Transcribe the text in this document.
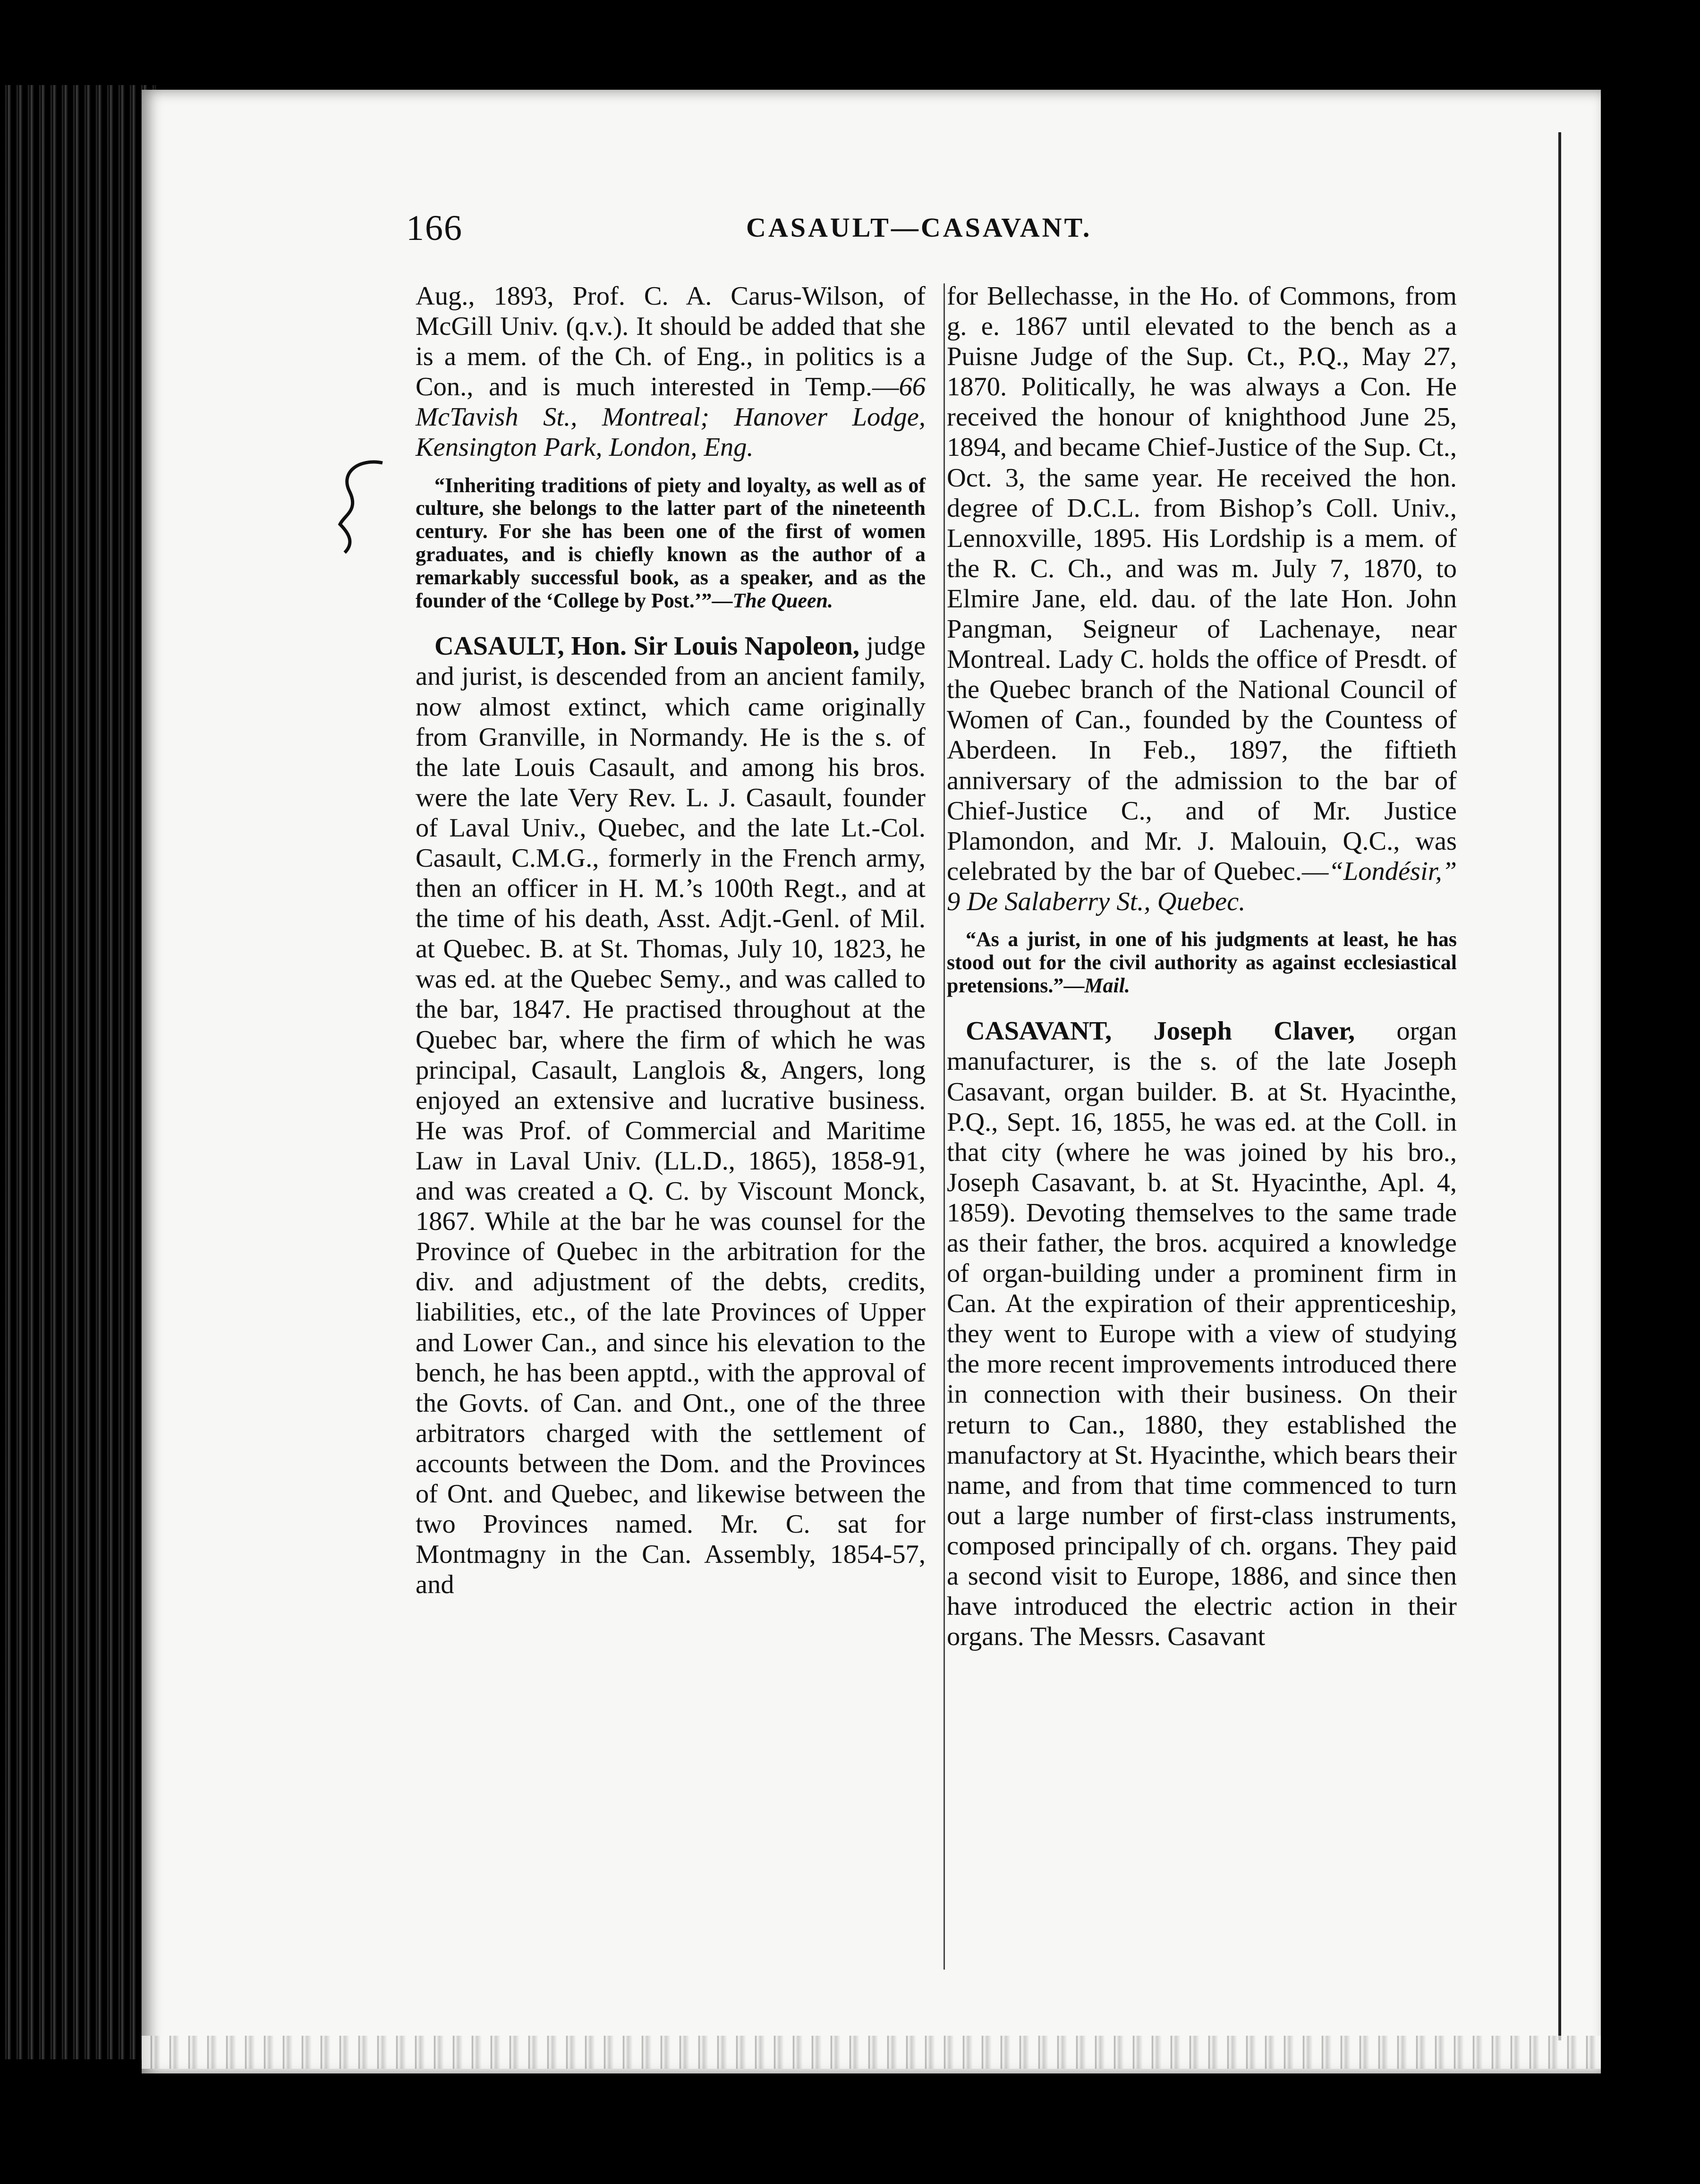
166	CASAULT—CASAVANT.

Aug., 1893, Prof. C. A. Carus-Wilson, of McGill Univ. (q.v.). It should be added that she is a mem. of the Ch. of Eng., in politics is a Con., and is much interested in Temp.—66 McTavish St., Montreal; Hanover Lodge, Kensington Park, London, Eng.

“Inheriting traditions of piety and loyalty, as well as of culture, she belongs to the latter part of the nineteenth century. For she has been one of the first of women graduates, and is chiefly known as the author of a remarkably successful book, as a speaker, and as the founder of the ‘College by Post.’”—The Queen.

CASAULT, Hon. Sir Louis Napoleon, judge and jurist, is descended from an ancient family, now almost extinct, which came originally from Granville, in Normandy. He is the s. of the late Louis Casault, and among his bros. were the late Very Rev. L. J. Casault, founder of Laval Univ., Quebec, and the late Lt.-Col. Casault, C.M.G., formerly in the French army, then an officer in H. M.’s 100th Regt., and at the time of his death, Asst. Adjt.-Genl. of Mil. at Quebec. B. at St. Thomas, July 10, 1823, he was ed. at the Quebec Semy., and was called to the bar, 1847. He practised throughout at the Quebec bar, where the firm of which he was principal, Casault, Langlois &, Angers, long enjoyed an extensive and lucrative business. He was Prof. of Commercial and Maritime Law in Laval Univ. (LL.D., 1865), 1858-91, and was created a Q. C. by Viscount Monck, 1867. While at the bar he was counsel for the Province of Quebec in the arbitration for the div. and adjustment of the debts, credits, liabilities, etc., of the late Provinces of Upper and Lower Can., and since his elevation to the bench, he has been apptd., with the approval of the Govts. of Can. and Ont., one of the three arbitrators charged with the settlement of accounts between the Dom. and the Provinces of Ont. and Quebec, and likewise between the two Provinces named. Mr. C. sat for Montmagny in the Can. Assembly, 1854-57, and

for Bellechasse, in the Ho. of Commons, from g. e. 1867 until elevated to the bench as a Puisne Judge of the Sup. Ct., P.Q., May 27, 1870. Politically, he was always a Con. He received the honour of knighthood June 25, 1894, and became Chief-Justice of the Sup. Ct., Oct. 3, the same year. He received the hon. degree of D.C.L. from Bishop’s Coll. Univ., Lennoxville, 1895. His Lordship is a mem. of the R. C. Ch., and was m. July 7, 1870, to Elmire Jane, eld. dau. of the late Hon. John Pangman, Seigneur of Lachenaye, near Montreal. Lady C. holds the office of Presdt. of the Quebec branch of the National Council of Women of Can., founded by the Countess of Aberdeen. In Feb., 1897, the fiftieth anniversary of the admission to the bar of Chief-Justice C., and of Mr. Justice Plamondon, and Mr. J. Malouin, Q.C., was celebrated by the bar of Quebec.—“Londésir,” 9 De Salaberry St., Quebec.

“As a jurist, in one of his judgments at least, he has stood out for the civil authority as against ecclesiastical pretensions.”—Mail.

CASAVANT, Joseph Claver, organ manufacturer, is the s. of the late Joseph Casavant, organ builder. B. at St. Hyacinthe, P.Q., Sept. 16, 1855, he was ed. at the Coll. in that city (where he was joined by his bro., Joseph Casavant, b. at St. Hyacinthe, Apl. 4, 1859). Devoting themselves to the same trade as their father, the bros. acquired a knowledge of organ-building under a prominent firm in Can. At the expiration of their apprenticeship, they went to Europe with a view of studying the more recent improvements introduced there in connection with their business. On their return to Can., 1880, they established the manufactory at St. Hyacinthe, which bears their name, and from that time commenced to turn out a large number of first-class instruments, composed principally of ch. organs. They paid a second visit to Europe, 1886, and since then have introduced the electric action in their organs. The Messrs. Casavant
